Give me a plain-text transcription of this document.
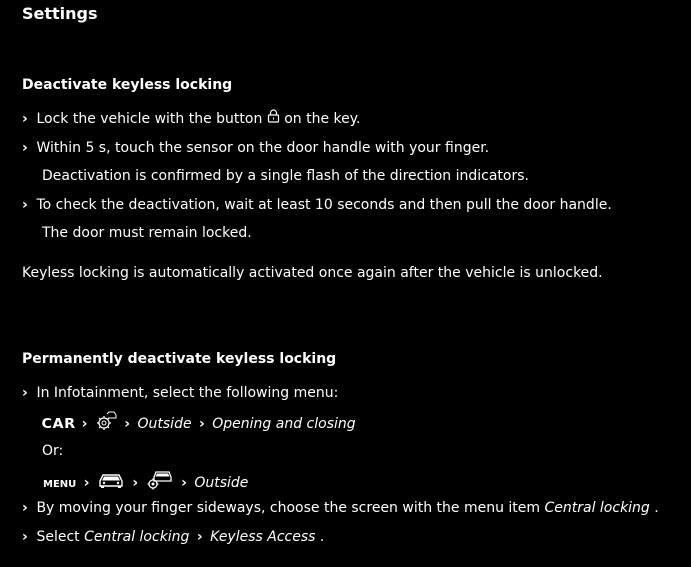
Settings
Deactivate keyless locking
› Lock the vehicle with the button on the key.
› Within 5 s, touch the sensor on the door handle with your finger.
Deactivation is confirmed by a single flash of the direction indicators.
› To check the deactivation, wait at least 10 seconds and then pull the door handle.
The door must remain locked.
Keyless locking is automatically activated once again after the vehicle is unlocked.
Permanently deactivate keyless locking
› In Infotainment, select the following menu:
CAR ›	› Outside › Opening and closing
Or:
MENU ›	›	› Outside
› By moving your finger sideways, choose the screen with the menu item Central locking .
› Select Central locking › Keyless Access .
